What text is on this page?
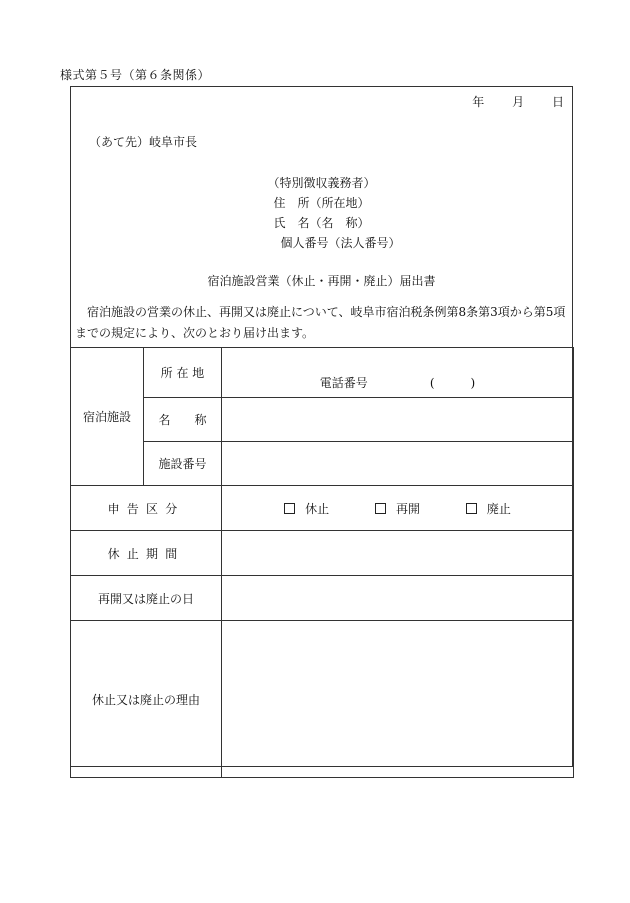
様式第５号（第６条関係）
年 月 日
（あて先）岐阜市長
（特別徴収義務者）
住　所（所在地）
氏　名（名　称）
個人番号（法人番号）
宿泊施設営業（休止・再開・廃止）届出書
宿泊施設の営業の休止、再開又は廃止について、岐阜市宿泊税条例第8条第3項から第5項までの規定により、次のとおり届け出ます。
宿泊施設	所 在 地	電話番号 (　　　)
	名　　称	
	施設番号	
申告区分		休止 再開 廃止
休止期間		
再開又は廃止の日		
休止又は廃止の理由		
